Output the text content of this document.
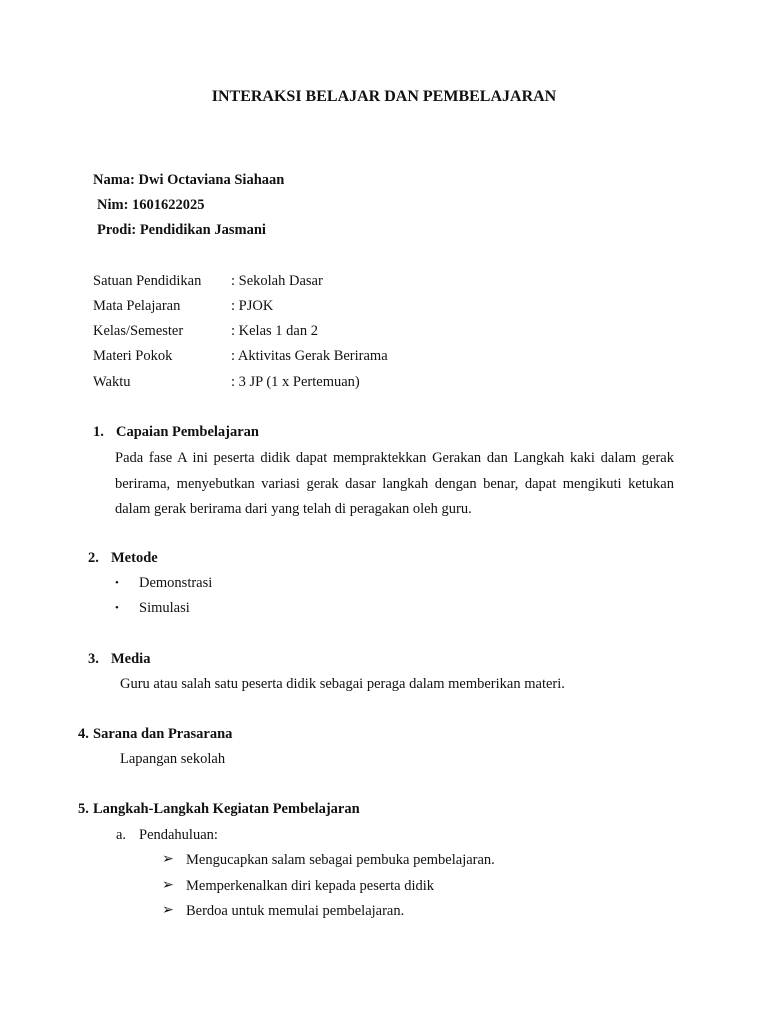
INTERAKSI BELAJAR DAN PEMBELAJARAN
Nama: Dwi Octaviana Siahaan
Nim: 1601622025
Prodi: Pendidikan Jasmani
Satuan Pendidikan : Sekolah Dasar
Mata Pelajaran	: PJOK
Kelas/Semester	: Kelas 1 dan 2
Materi Pokok	: Aktivitas Gerak Berirama
Waktu	: 3 JP (1 x Pertemuan)
1. Capaian Pembelajaran
Pada fase A ini peserta didik dapat mempraktekkan Gerakan dan Langkah kaki dalam gerak berirama, menyebutkan variasi gerak dasar langkah dengan benar, dapat mengikuti ketukan dalam gerak berirama dari yang telah di peragakan oleh guru.
2. Metode
• Demonstrasi
• Simulasi
3. Media
Guru atau salah satu peserta didik sebagai peraga dalam memberikan materi.
4. Sarana dan Prasarana
Lapangan sekolah
5. Langkah-Langkah Kegiatan Pembelajaran
a. Pendahuluan:
➢ Mengucapkan salam sebagai pembuka pembelajaran.
➢ Memperkenalkan diri kepada peserta didik
➢ Berdoa untuk memulai pembelajaran.
